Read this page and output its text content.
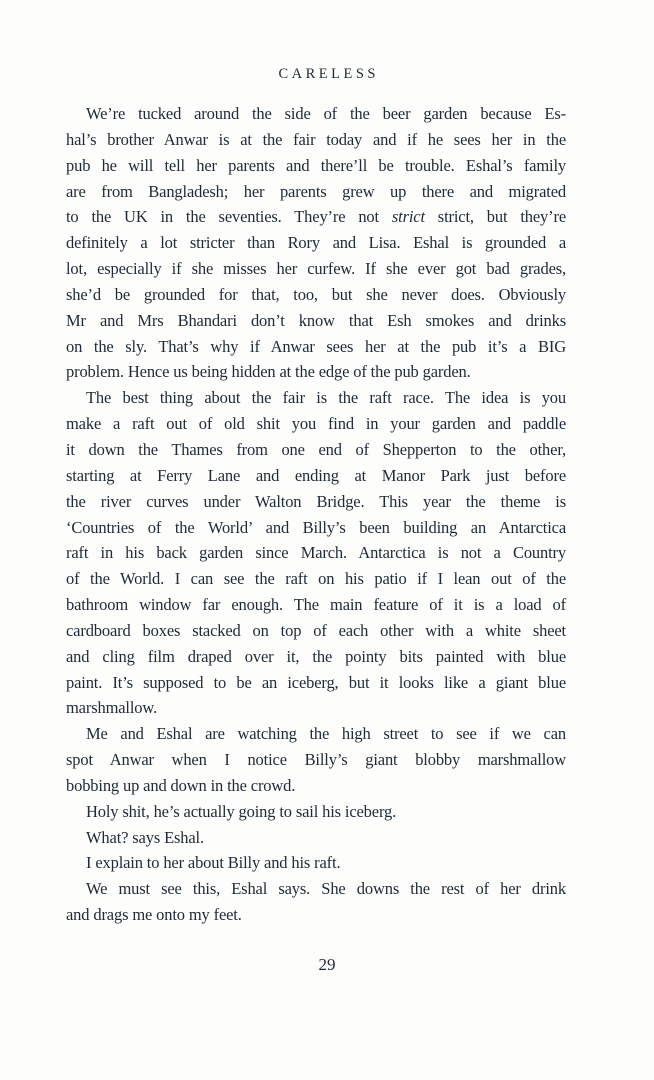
CARELESS
We’re tucked around the side of the beer garden because Es-
hal’s brother Anwar is at the fair today and if he sees her in the
pub he will tell her parents and there’ll be trouble. Eshal’s family
are from Bangladesh; her parents grew up there and migrated
to the UK in the seventies. They’re not strict strict, but they’re
definitely a lot stricter than Rory and Lisa. Eshal is grounded a
lot, especially if she misses her curfew. If she ever got bad grades,
she’d be grounded for that, too, but she never does. Obviously
Mr and Mrs Bhandari don’t know that Esh smokes and drinks
on the sly. That’s why if Anwar sees her at the pub it’s a BIG
problem. Hence us being hidden at the edge of the pub garden.
The best thing about the fair is the raft race. The idea is you
make a raft out of old shit you find in your garden and paddle
it down the Thames from one end of Shepperton to the other,
starting at Ferry Lane and ending at Manor Park just before
the river curves under Walton Bridge. This year the theme is
‘Countries of the World’ and Billy’s been building an Antarctica
raft in his back garden since March. Antarctica is not a Country
of the World. I can see the raft on his patio if I lean out of the
bathroom window far enough. The main feature of it is a load of
cardboard boxes stacked on top of each other with a white sheet
and cling film draped over it, the pointy bits painted with blue
paint. It’s supposed to be an iceberg, but it looks like a giant blue
marshmallow.
Me and Eshal are watching the high street to see if we can
spot Anwar when I notice Billy’s giant blobby marshmallow
bobbing up and down in the crowd.
Holy shit, he’s actually going to sail his iceberg.
What? says Eshal.
I explain to her about Billy and his raft.
We must see this, Eshal says. She downs the rest of her drink
and drags me onto my feet.
29
